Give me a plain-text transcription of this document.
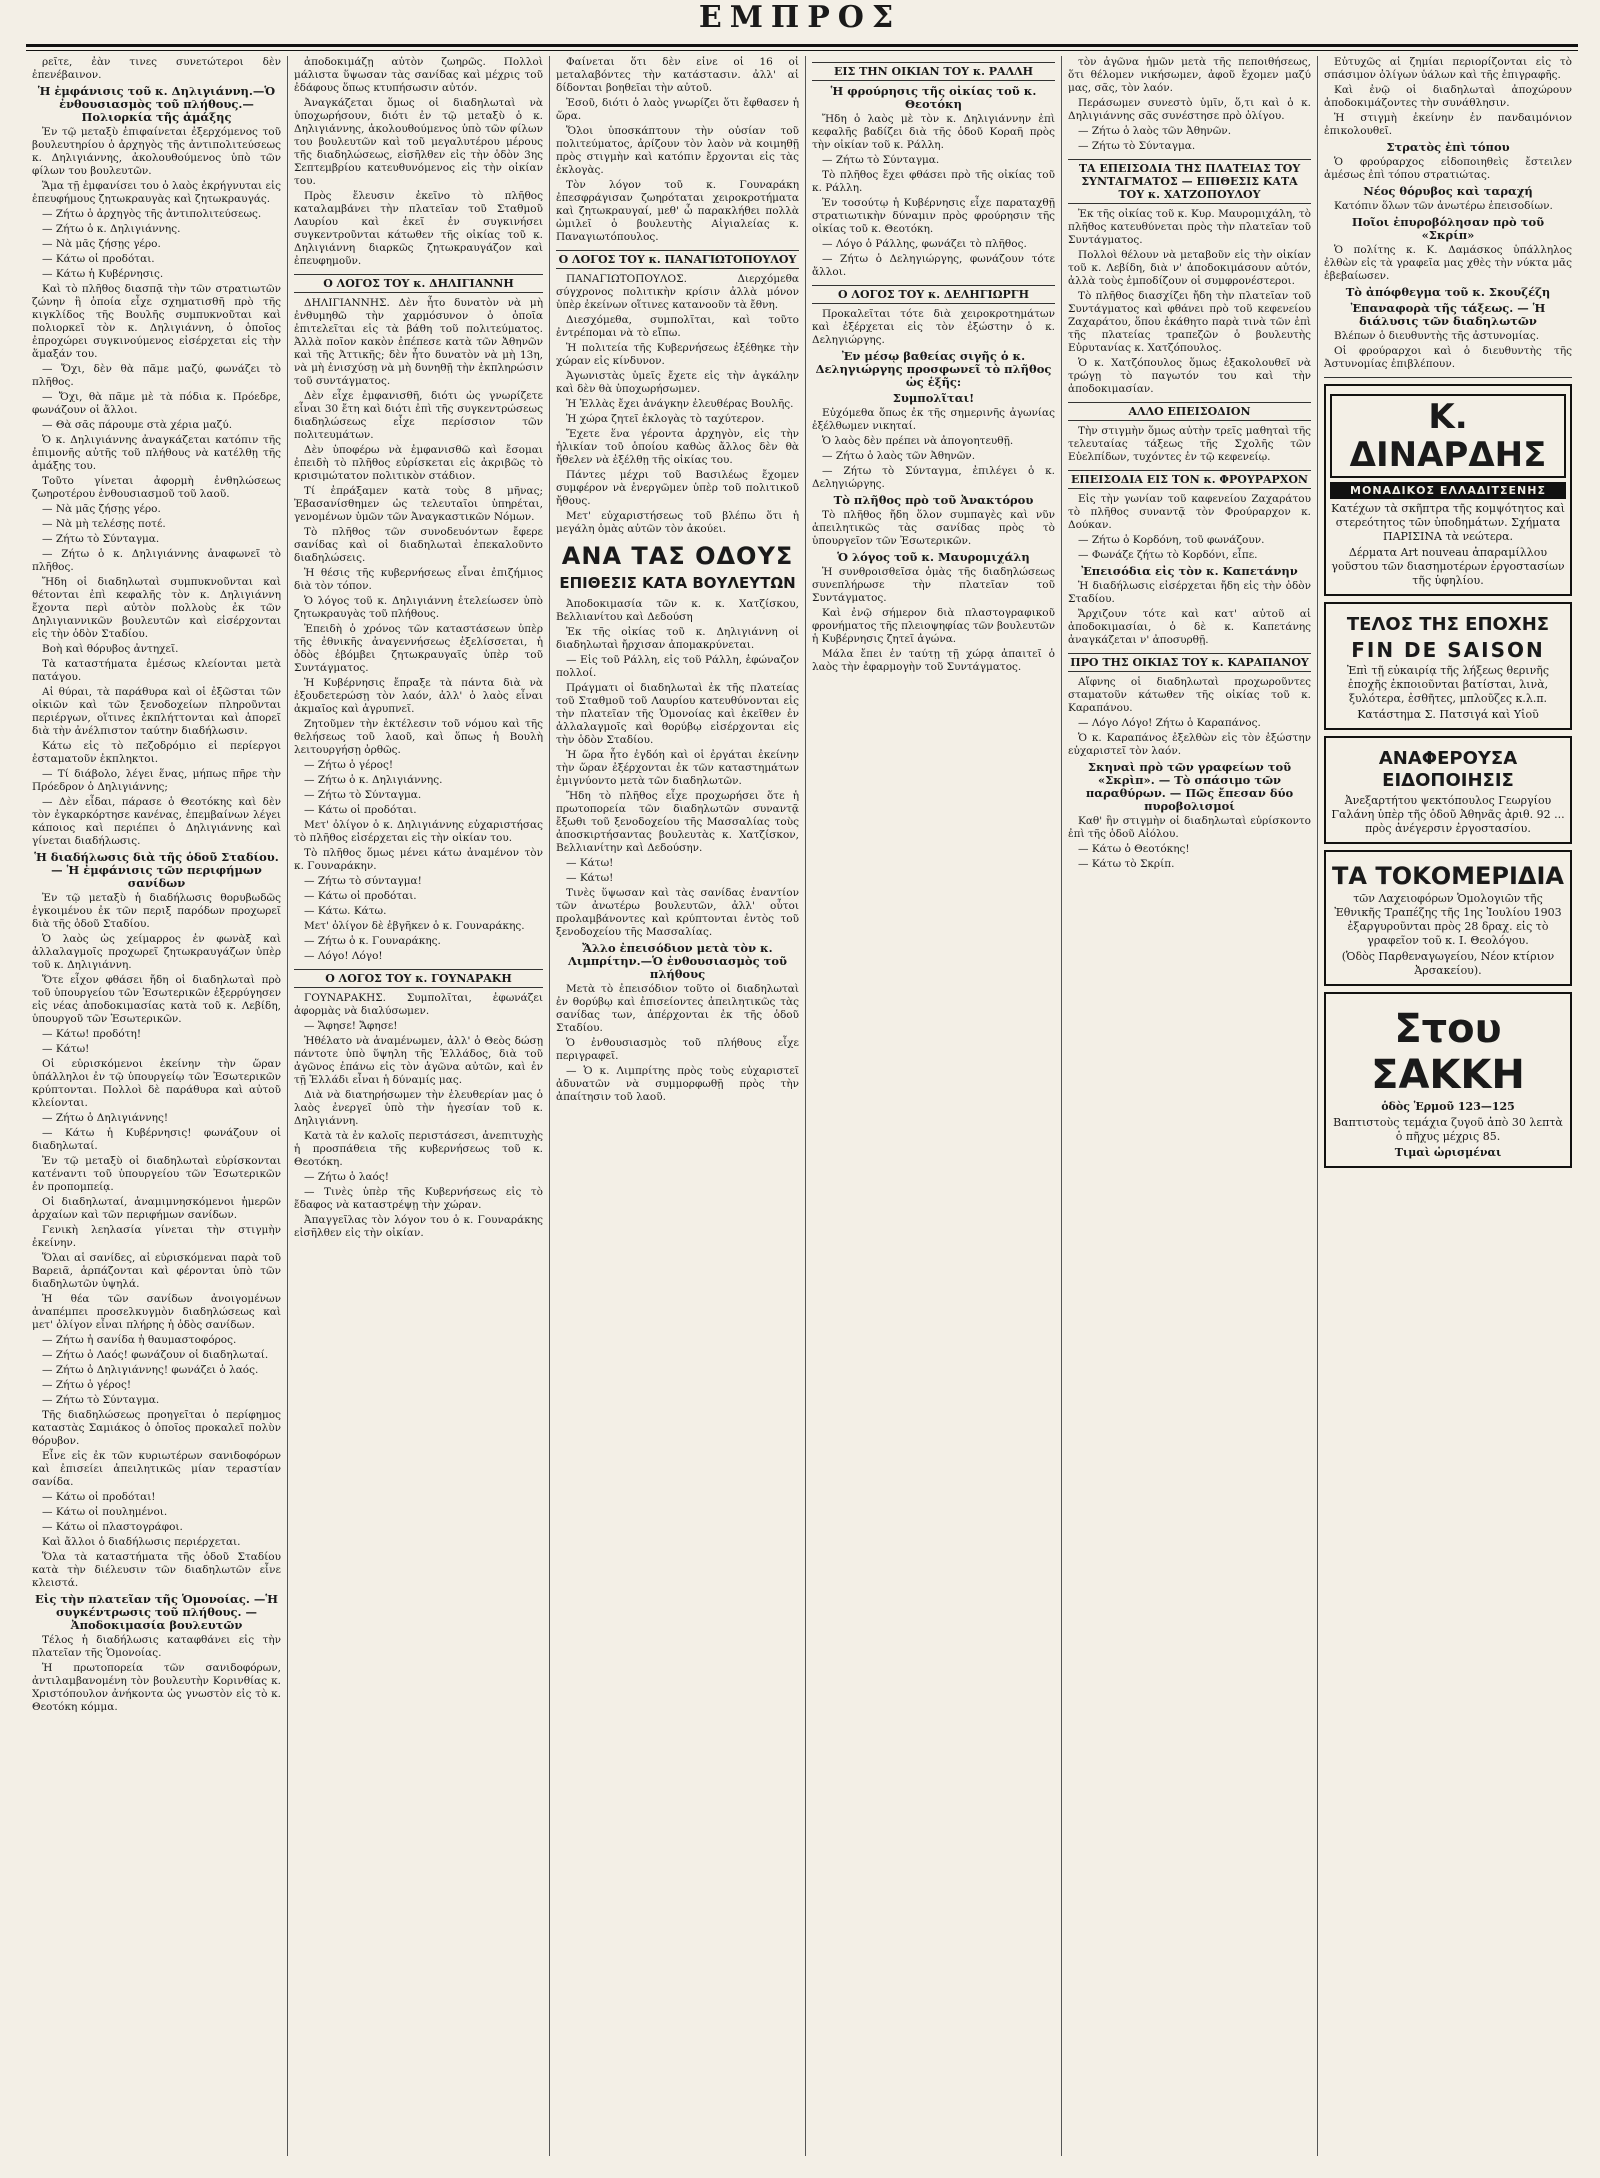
ΕΜΠΡΟΣ

ρεῖτε, ἐὰν τινες συνετώτεροι δὲν ἐπενέβαινον.

Ἡ ἐμφάνισις τοῦ κ. Δηλιγιάννη.—Ὁ ἐνθουσιασμὸς τοῦ πλήθους.—Πολιορκία τῆς ἁμάξης

Ἐν τῷ μεταξὺ ἐπιφαίνεται ἐξερχόμενος τοῦ βουλευτηρίου ὁ ἀρχηγὸς τῆς ἀντιπολιτεύσεως κ. Δηλιγιάννης, ἀκολουθούμενος ὑπὸ τῶν φίλων του βουλευτῶν.

Ἅμα τῇ ἐμφανίσει του ὁ λαὸς ἐκρήγνυται εἰς ἐπευφήμους ζητωκραυγὰς καὶ ζητωκραυγάς.

— Ζήτω ὁ ἀρχηγὸς τῆς ἀντιπολιτεύσεως.

— Ζήτω ὁ κ. Δηλιγιάννης.

— Νὰ μᾶς ζήσῃς γέρο.

— Κάτω οἱ προδόται.

— Κάτω ἡ Κυβέρνησις.

Καὶ τὸ πλῆθος διασπᾷ τὴν τῶν στρατιωτῶν ζώνην ἣ ὁποία εἶχε σχηματισθῆ πρὸ τῆς κιγκλίδος τῆς Βουλῆς συμπυκνοῦται καὶ πολιορκεῖ τὸν κ. Δηλιγιάννη, ὁ ὁποῖος ἐπροχώρει συγκινούμενος εἰσέρχεται εἰς τὴν ἅμαξάν του.

— Ὄχι, δὲν θὰ πᾶμε μαζύ, φωνάζει τὸ πλῆθος.

— Ὄχι, θὰ πᾶμε μὲ τὰ πόδια κ. Πρόεδρε, φωνάζουν οἱ ἄλλοι.

— Θὰ σᾶς πάρουμε στὰ χέρια μαζύ.

Ὁ κ. Δηλιγιάννης ἀναγκάζεται κατόπιν τῆς ἐπιμονῆς αὐτῆς τοῦ πλήθους νὰ κατέλθῃ τῆς ἁμάξης του.

Τοῦτο γίνεται ἀφορμὴ ἐνθηλώσεως ζωηροτέρου ἐνθουσιασμοῦ τοῦ λαοῦ.

— Νὰ μᾶς ζήσῃς γέρο.

— Νὰ μὴ τελέσῃς ποτέ.

— Ζήτω τὸ Σύνταγμα.

— Ζήτω ὁ κ. Δηλιγιάννης ἀναφωνεῖ τὸ πλῆθος.

Ἤδη οἱ διαδηλωταὶ συμπυκνοῦνται καὶ θέτονται ἐπὶ κεφαλῆς τὸν κ. Δηλιγιάννη ἔχοντα περὶ αὐτὸν πολλοὺς ἐκ τῶν Δηλιγιαννικῶν βουλευτῶν καὶ εἰσέρχονται εἰς τὴν ὁδὸν Σταδίου.

Βοὴ καὶ θόρυβος ἀντηχεῖ.

Τὰ καταστήματα ἐμέσως κλείονται μετὰ πατάγου.

Αἱ θύραι, τὰ παράθυρα καὶ οἱ ἐξῶσται τῶν οἰκιῶν καὶ τῶν ξενοδοχείων πληροῦνται περιέργων, οἵτινες ἐκπλήττονται καὶ ἀπορεῖ διὰ τὴν ἀνέλπιστον ταύτην διαδήλωσιν.

Κάτω εἰς τὸ πεζοδρόμιο εἰ περίεργοι ἐσταματοῦν ἐκπληκτοι.

— Τί διάβολο, λέγει ἕνας, μήπως πῆρε τὴν Πρόεδρον ὁ Δηλιγιάννης;

— Δὲν εἶδαι, πάρασε ὁ Θεοτόκης καὶ δὲν τὸν ἐγκαρκόρτησε κανένας, ἐπεμβαίνων λέγει κάποιος καὶ περιέπει ὁ Δηλιγιάννης καὶ γίνεται διαδήλωσις.

Ἡ διαδήλωσις διὰ τῆς ὁδοῦ Σταδίου. — Ἡ ἐμφάνισις τῶν περιφήμων σανίδων

Ἐν τῷ μεταξὺ ἡ διαδήλωσις θορυβωδῶς ἐγκοιμένου ἐκ τῶν περιξ παρόδων προχωρεῖ διὰ τῆς ὁδοῦ Σταδίου.

Ὁ λαὸς ὡς χείμαρρος ἐν φωνὰξ καὶ ἀλλαλαγμοῖς προχωρεῖ ζητωκραυγάζων ὑπὲρ τοῦ κ. Δηλιγιάννη.

Ὅτε εἶχον φθάσει ἤδη οἱ διαδηλωταὶ πρὸ τοῦ ὑπουργείου τῶν Ἐσωτερικῶν ἐξερρύγησεν εἰς νέας ἀποδοκιμασίας κατὰ τοῦ κ. Λεβίδη, ὑπουργοῦ τῶν Ἐσωτερικῶν.

— Κάτω! προδότη!

— Κάτω!

Οἱ εὑρισκόμενοι ἐκείνην τὴν ὥραν ὑπάλληλοι ἐν τῷ ὑπουργείῳ τῶν Ἐσωτερικῶν κρύπτονται. Πολλοὶ δὲ παράθυρα καὶ αὐτοῦ κλείονται.

— Ζήτω ὁ Δηλιγιάννης!

— Κάτω ἡ Κυβέρνησις! φωνάζουν οἱ διαδηλωταί.

Ἐν τῷ μεταξὺ οἱ διαδηλωταὶ εὑρίσκονται κατέναντι τοῦ ὑπουργείου τῶν Ἐσωτερικῶν ἐν προπομπείᾳ.

Οἱ διαδηλωταί, ἀναμιμνησκόμενοι ἡμερῶν ἀρχαίων καὶ τῶν περιφήμων σανίδων.

Γενικὴ λεηλασία γίνεται τὴν στιγμὴν ἐκείνην.

Ὅλαι αἱ σανίδες, αἱ εὑρισκόμεναι παρὰ τοῦ Βαρειᾶ, ἁρπάζονται καὶ φέρονται ὑπὸ τῶν διαδηλωτῶν ὑψηλά.

Ἡ θέα τῶν σανίδων ἀνοιγομένων ἀναπέμπει προσελκυγμὸν διαδηλώσεως καὶ μετ' ὀλίγον εἶναι πλήρης ἡ ὁδὸς σανίδων.

— Ζήτω ἡ σανίδα ἡ θαυμαστοφόρος.

— Ζήτω ὁ Λαός! φωνάζουν οἱ διαδηλωταί.

— Ζήτω ὁ Δηλιγιάννης! φωνάζει ὁ λαός.

— Ζήτω ὁ γέρος!

— Ζήτω τὸ Σύνταγμα.

Τῆς διαδηλώσεως προηγεῖται ὁ περίφημος καταστὰς Σαμιάκος ὁ ὁποῖος προκαλεῖ πολὺν θόρυβον.

Εἶνε εἰς ἐκ τῶν κυριωτέρων σανιδοφόρων καὶ ἐπισείει ἀπειλητικῶς μίαν τεραστίαν σανίδα.

— Κάτω οἱ προδόται!

— Κάτω οἱ πουλημένοι.

— Κάτω οἱ πλαστογράφοι.

Καὶ ἄλλοι ὁ διαδήλωσις περιέρχεται.

Ὅλα τὰ καταστήματα τῆς ὁδοῦ Σταδίου κατὰ τὴν διέλευσιν τῶν διαδηλωτῶν εἶνε κλειστά.

Εἰς τὴν πλατεῖαν τῆς Ὁμονοίας. —Ἡ συγκέντρωσις τοῦ πλήθους. — Ἀποδοκιμασία βουλευτῶν

Τέλος ἡ διαδήλωσις καταφθάνει εἰς τὴν πλατεῖαν τῆς Ὁμονοίας.

Ἡ πρωτοπορεία τῶν σανιδοφόρων, ἀντιλαμβανομένη τὸν βουλευτὴν Κορινθίας κ. Χριστόπουλον ἀνήκοντα ὡς γνωστὸν εἰς τὸ κ. Θεοτόκη κόμμα.

ἀποδοκιμάζῃ αὐτὸν ζωηρῶς. Πολλοὶ μάλιστα ὕψωσαν τὰς σανίδας καὶ μέχρις τοῦ ἐδάφους ὅπως κτυπήσωσιν αὐτόν.

Ἀναγκάζεται ὅμως οἱ διαδηλωταὶ νὰ ὑποχωρήσουν, διότι ἐν τῷ μεταξὺ ὁ κ. Δηλιγιάννης, ἀκολουθούμενος ὑπὸ τῶν φίλων του βουλευτῶν καὶ τοῦ μεγαλυτέρου μέρους τῆς διαδηλώσεως, εἰσῆλθεν εἰς τὴν ὁδὸν 3ης Σεπτεμβρίου κατευθυνόμενος εἰς τὴν οἰκίαν του.

Πρὸς ἔλευσιν ἐκεῖνο τὸ πλῆθος καταλαμβάνει τὴν πλατεῖαν τοῦ Σταθμοῦ Λαυρίου καὶ ἐκεῖ ἐν συγκινήσει συγκεντροῦνται κάτωθεν τῆς οἰκίας τοῦ κ. Δηλιγιάννη διαρκῶς ζητωκραυγάζον καὶ ἐπευφημοῦν.

Ο ΛΟΓΟΣ ΤΟΥ κ. ΔΗΛΙΓΙΑΝΝΗ

ΔΗΛΙΓΙΑΝΝΗΣ. Δὲν ἦτο δυνατὸν νὰ μὴ ἐνθυμηθῶ τὴν χαρμόσυνον ὁ ὁποῖα ἐπιτελεῖται εἰς τὰ βάθη τοῦ πολιτεύματος. Ἀλλὰ ποῖον κακὸν ἐπέπεσε κατὰ τῶν Ἀθηνῶν καὶ τῆς Ἀττικῆς; δὲν ἦτο δυνατὸν νὰ μὴ 13η, νὰ μὴ ἐνισχύσῃ νὰ μὴ δυνηθῇ τὴν ἐκπληρώσιν τοῦ συντάγματος.

Δὲν εἶχε ἐμφανισθῆ, διότι ὡς γνωρίζετε εἶναι 30 ἔτη καὶ διότι ἐπὶ τῆς συγκεντρώσεως διαδηλώσεως εἶχε περίσσιον τῶν πολιτευμάτων.

Δὲν ὑποφέρω νὰ ἐμφανισθῶ καὶ ἔσομαι ἐπειδὴ τὸ πλῆθος εὑρίσκεται εἰς ἀκριβῶς τὸ κρισιμώτατον πολιτικὸν στάδιον.

Τί ἐπράξαμεν κατὰ τοὺς 8 μῆνας; Ἐβασανίσθημεν ὡς τελευταῖοι ὑπηρέται, γενομένων ὑμῶν τῶν Ἀναγκαστικῶν Νόμων.

Τὸ πλῆθος τῶν συνοδευόντων ἔφερε σανίδας καὶ οἱ διαδηλωταὶ ἐπεκαλοῦντο διαδηλώσεις.

Ἡ θέσις τῆς κυβερνήσεως εἶναι ἐπιζήμιος διὰ τὸν τόπον.

Ὁ λόγος τοῦ κ. Δηλιγιάννη ἐτελείωσεν ὑπὸ ζητωκραυγὰς τοῦ πλήθους.

Ἐπειδὴ ὁ χρόνος τῶν καταστάσεων ὑπὲρ τῆς ἐθνικῆς ἀναγεννήσεως ἐξελίσσεται, ἡ ὁδὸς ἐβόμβει ζητωκραυγαῖς ὑπὲρ τοῦ Συντάγματος.

Ἡ Κυβέρνησις ἔπραξε τὰ πάντα διὰ νὰ ἐξουδετερώσῃ τὸν λαόν, ἀλλ' ὁ λαὸς εἶναι ἀκμαῖος καὶ ἀγρυπνεῖ.

Ζητοῦμεν τὴν ἐκτέλεσιν τοῦ νόμου καὶ τῆς θελήσεως τοῦ λαοῦ, καὶ ὅπως ἡ Βουλὴ λειτουργήσῃ ὀρθῶς.

— Ζήτω ὁ γέρος!

— Ζήτω ὁ κ. Δηλιγιάννης.

— Ζήτω τὸ Σύνταγμα.

— Κάτω οἱ προδόται.

Μετ' ὀλίγον ὁ κ. Δηλιγιάννης εὐχαριστήσας τὸ πλῆθος εἰσέρχεται εἰς τὴν οἰκίαν του.

Τὸ πλῆθος ὅμως μένει κάτω ἀναμένον τὸν κ. Γουναράκην.

— Ζήτω τὸ σύνταγμα!

— Κάτω οἱ προδόται.

— Κάτω. Κάτω.

Μετ' ὀλίγον δὲ ἐβγῆκεν ὁ κ. Γουναράκης.

— Ζήτω ὁ κ. Γουναράκης.

— Λόγο! Λόγο!

Ο ΛΟΓΟΣ ΤΟΥ κ. ΓΟΥΝΑΡΑΚΗ

ΓΟΥΝΑΡΑΚΗΣ. Συμπολῖται, ἐφωνάζει ἀφορμὰς νὰ διαλύσωμεν.

— Ἄφησε! Ἄφησε!

Ἠθέλατο νὰ ἀναμένωμεν, ἀλλ' ὁ Θεὸς δώσῃ πάντοτε ὑπὸ ὕψηλη τῆς Ἑλλάδος, διὰ τοῦ ἀγῶνος ἐπάνω εἰς τὸν ἀγῶνα αὐτῶν, καὶ ἐν τῇ Ἑλλάδι εἶναι ἡ δύναμίς μας.

Διὰ νὰ διατηρήσωμεν τὴν ἐλευθερίαν μας ὁ λαὸς ἐνεργεῖ ὑπὸ τὴν ἡγεσίαν τοῦ κ. Δηλιγιάννη.

Κατὰ τὰ ἐν καλοῖς περιστάσεσι, ἀνεπιτυχὴς ἡ προσπάθεια τῆς κυβερνήσεως τοῦ κ. Θεοτόκη.

— Ζήτω ὁ λαός!

— Τινὲς ὑπὲρ τῆς Κυβερνήσεως εἰς τὸ ἔδαφος νὰ καταστρέψῃ τὴν χώραν.

Ἀπαγγεῖλας τὸν λόγον του ὁ κ. Γουναράκης εἰσῆλθεν εἰς τὴν οἰκίαν.

Φαίνεται ὅτι δὲν εἶνε οἱ 16 οἱ μεταλαβόντες τὴν κατάστασιν. ἀλλ' αἱ δίδονται βοηθεῖαι τὴν αὐτοῦ.

Ἐσοῦ, διότι ὁ λαὸς γνωρίζει ὅτι ἔφθασεν ἡ ὥρα.

Ὅλοι ὑποσκάπτουν τὴν οὐσίαν τοῦ πολιτεύματος, ἀρίζουν τὸν λαὸν νὰ κοιμηθῇ πρὸς στιγμὴν καὶ κατόπιν ἔρχονται εἰς τὰς ἐκλογὰς.

Τὸν λόγον τοῦ κ. Γουναράκη ἐπεσφράγισαν ζωηρόταται χειροκροτήματα καὶ ζητωκραυγαί, μεθ' ὧ παρακλήθει πολλὰ ὡμιλεῖ ὁ βουλευτὴς Αἰγιαλείας κ. Παναγιωτόπουλος.

Ο ΛΟΓΟΣ ΤΟΥ κ. ΠΑΝΑΓΙΩΤΟΠΟΥΛΟΥ

ΠΑΝΑΓΙΩΤΟΠΟΥΛΟΣ. Διερχόμεθα σύγχρονος πολιτικὴν κρίσιν ἀλλὰ μόνον ὑπὲρ ἐκείνων οἵτινες κατανοοῦν τὰ ἔθνη.

Διεσχόμεθα, συμπολῖται, καὶ τοῦτο ἐντρέπομαι νὰ τὸ εἴπω.

Ἡ πολιτεία τῆς Κυβερνήσεως ἐξέθηκε τὴν χώραν εἰς κίνδυνον.

Ἀγωνιστὰς ὑμεῖς ἔχετε εἰς τὴν ἀγκάλην καὶ δὲν θὰ ὑποχωρήσωμεν.

Ἡ Ἑλλὰς ἔχει ἀνάγκην ἐλευθέρας Βουλῆς.

Ἡ χώρα ζητεῖ ἐκλογὰς τὸ ταχύτερον.

Ἔχετε ἕνα γέροντα ἀρχηγὸν, εἰς τὴν ἡλικίαν τοῦ ὁποίου καθὼς ἄλλος δὲν θὰ ἤθελεν νὰ ἐξέλθῃ τῆς οἰκίας του.

Πάντες μέχρι τοῦ Βασιλέως ἔχομεν συμφέρον νὰ ἐνεργῶμεν ὑπὲρ τοῦ πολιτικοῦ ἤθους.

Μετ' εὐχαριστήσεως τοῦ βλέπω ὅτι ἡ μεγάλη ὁμὰς αὐτῶν τὸν ἀκούει.

ΑΝΑ ΤΑΣ ΟΔΟΥΣ
ΕΠΙΘΕΣΙΣ ΚΑΤΑ ΒΟΥΛΕΥΤΩΝ

Ἀποδοκιμασία τῶν κ. κ. Χατζίσκου, Βελλιανίτου καὶ Δεδούση

Ἐκ τῆς οἰκίας τοῦ κ. Δηλιγιάννη οἱ διαδηλωταὶ ἤρχισαν ἀπομακρύνεται.

— Εἰς τοῦ Ράλλη, εἰς τοῦ Ράλλη, ἐφώναζον πολλοί.

Πράγματι οἱ διαδηλωταὶ ἐκ τῆς πλατείας τοῦ Σταθμοῦ τοῦ Λαυρίου κατευθύνονται εἰς τὴν πλατεῖαν τῆς Ὁμονοίας καὶ ἐκεῖθεν ἐν ἀλλαλαγμοῖς καὶ θορύβῳ εἰσέρχονται εἰς τὴν ὁδὸν Σταδίου.

Ἡ ὥρα ἦτο ἐγδόη καὶ οἱ ἐργάται ἐκείνην τὴν ὥραν ἐξέρχονται ἐκ τῶν καταστημάτων ἐμιγνύοντο μετὰ τῶν διαδηλωτῶν.

Ἤδη τὸ πλῆθος εἶχε προχωρήσει ὅτε ἡ πρωτοπορεία τῶν διαδηλωτῶν συναντᾷ ἔξωθι τοῦ ξενοδοχείου τῆς Μασσαλίας τοὺς ἀποσκιρτήσαντας βουλευτὰς κ. Χατζίσκον, Βελλιανίτην καὶ Δεδούσην.

— Κάτω!

— Κάτω!

Τινὲς ὕψωσαν καὶ τὰς σανίδας ἐναντίον τῶν ἀνωτέρω βουλευτῶν, ἀλλ' οὗτοι προλαμβάνοντες καὶ κρύπτονται ἐντὸς τοῦ ξενοδοχείου τῆς Μασσαλίας.

Ἄλλο ἐπεισόδιον μετὰ τὸν κ. Λιμπρίτην.—Ὁ ἐνθουσιασμὸς τοῦ πλήθους

Μετὰ τὸ ἐπεισόδιον τοῦτο οἱ διαδηλωταὶ ἐν θορύβῳ καὶ ἐπισείοντες ἀπειλητικῶς τὰς σανίδας των, ἀπέρχονται ἐκ τῆς ὁδοῦ Σταδίου.

Ὁ ἐνθουσιασμὸς τοῦ πλήθους εἶχε περιγραφεῖ.

— Ὁ κ. Λιμπρίτης πρὸς τοὺς εὐχαριστεῖ ἀδυνατῶν νὰ συμμορφωθῇ πρὸς τὴν ἀπαίτησιν τοῦ λαοῦ.

ΕΙΣ ΤΗΝ ΟΙΚΙΑΝ ΤΟΥ κ. ΡΑΛΛΗ
Ἡ φρούρησις τῆς οἰκίας τοῦ κ. Θεοτόκη

Ἤδη ὁ λαὸς μὲ τὸν κ. Δηλιγιάννην ἐπὶ κεφαλῆς βαδίζει διὰ τῆς ὁδοῦ Κοραῆ πρὸς τὴν οἰκίαν τοῦ κ. Ράλλη.

— Ζήτω τὸ Σύνταγμα.

Τὸ πλῆθος ἔχει φθάσει πρὸ τῆς οἰκίας τοῦ κ. Ράλλη.

Ἐν τοσούτῳ ἡ Κυβέρνησις εἶχε παραταχθῇ στρατιωτικὴν δύναμιν πρὸς φρούρησιν τῆς οἰκίας τοῦ κ. Θεοτόκη.

— Λόγο ὁ Ράλλης, φωνάζει τὸ πλῆθος.

— Ζήτω ὁ Δεληγιώργης, φωνάζουν τότε ἄλλοι.

Ο ΛΟΓΟΣ ΤΟΥ κ. ΔΕΛΗΓΙΩΡΓΗ

Προκαλεῖται τότε διὰ χειροκροτημάτων καὶ ἐξέρχεται εἰς τὸν ἐξώστην ὁ κ. Δεληγιώργης.

Ἐν μέσῳ βαθείας σιγῆς ὁ κ. Δεληγιώργης προσφωνεῖ τὸ πλῆθος ὡς ἑξῆς:
Συμπολῖται!

Εὐχόμεθα ὅπως ἐκ τῆς σημερινῆς ἀγωνίας ἐξέλθωμεν νικηταί.

Ὁ λαὸς δὲν πρέπει νὰ ἀπογοητευθῇ.

— Ζήτω ὁ λαὸς τῶν Ἀθηνῶν.

— Ζήτω τὸ Σύνταγμα, ἐπιλέγει ὁ κ. Δεληγιώργης.

Τὸ πλῆθος πρὸ τοῦ Ἀνακτόρου

Τὸ πλῆθος ἤδη ὅλον συμπαγὲς καὶ νῦν ἀπειλητικῶς τὰς σανίδας πρὸς τὸ ὑπουργεῖον τῶν Ἐσωτερικῶν.

Ὁ λόγος τοῦ κ. Μαυρομιχάλη

Ἡ συνθροισθεῖσα ὁμὰς τῆς διαδηλώσεως συνεπλήρωσε τὴν πλατεῖαν τοῦ Συντάγματος.

Καὶ ἐνῷ σήμερον διὰ πλαστογραφικοῦ φρονήματος τῆς πλειοψηφίας τῶν βουλευτῶν ἡ Κυβέρνησις ζητεῖ ἀγώνα.

Μάλα ἔπει ἐν ταύτῃ τῇ χώρᾳ ἀπαιτεῖ ὁ λαὸς τὴν ἐφαρμογὴν τοῦ Συντάγματος.

τὸν ἀγῶνα ἡμῶν μετὰ τῆς πεποιθήσεως, ὅτι θέλομεν νικήσωμεν, ἀφοῦ ἔχομεν μαζύ μας, σᾶς, τὸν λαόν.

Περάσωμεν συνεστὸ ὑμῖν, ὅ,τι καὶ ὁ κ. Δηλιγιάννης σᾶς συνέστησε πρὸ ὀλίγου.

— Ζήτω ὁ λαὸς τῶν Ἀθηνῶν.

— Ζήτω τὸ Σύνταγμα.

ΤΑ ΕΠΕΙΣΟΔΙΑ ΤΗΣ ΠΛΑΤΕΙΑΣ ΤΟΥ ΣΥΝΤΑΓΜΑΤΟΣ — ΕΠΙΘΕΣΙΣ ΚΑΤΑ ΤΟΥ κ. ΧΑΤΖΟΠΟΥΛΟΥ

Ἐκ τῆς οἰκίας τοῦ κ. Κυρ. Μαυρομιχάλη, τὸ πλῆθος κατευθύνεται πρὸς τὴν πλατεῖαν τοῦ Συντάγματος.

Πολλοὶ θέλουν νὰ μεταβοῦν εἰς τὴν οἰκίαν τοῦ κ. Λεβίδη, διὰ ν' ἀποδοκιμάσουν αὐτόν, ἀλλὰ τοὺς ἐμποδίζουν οἱ συμφρονέστεροι.

Τὸ πλῆθος διασχίζει ἤδη τὴν πλατεῖαν τοῦ Συντάγματος καὶ φθάνει πρὸ τοῦ κεφενείου Ζαχαράτου, ὅπου ἐκάθητο παρὰ τινὰ τῶν ἐπὶ τῆς πλατείας τραπεζῶν ὁ βουλευτὴς Εὐρυτανίας κ. Χατζόπουλος.

Ὁ κ. Χατζόπουλος ὅμως ἐξακολουθεῖ νὰ τρώγῃ τὸ παγωτόν του καὶ τὴν ἀποδοκιμασίαν.

ΑΛΛΟ ΕΠΕΙΣΟΔΙΟΝ

Τὴν στιγμὴν ὅμως αὐτὴν τρεῖς μαθηταὶ τῆς τελευταίας τάξεως τῆς Σχολῆς τῶν Εὐελπίδων, τυχόντες ἐν τῷ κεφενείῳ.

ΕΠΕΙΣΟΔΙΑ ΕΙΣ ΤΟΝ κ. ΦΡΟΥΡΑΡΧΟΝ

Εἰς τὴν γωνίαν τοῦ καφενείου Ζαχαράτου τὸ πλῆθος συναντᾷ τὸν Φρούραρχον κ. Δούκαν.

— Ζήτω ὁ Κορδόνη, τοῦ φωνάζουν.

— Φωνάζε ζήτω τὸ Κορδόνι, εἶπε.

Ἐπεισόδια εἰς τὸν κ. Καπετάνην

Ἡ διαδήλωσις εἰσέρχεται ἤδη εἰς τὴν ὁδὸν Σταδίου.

Ἄρχιζουν τότε καὶ κατ' αὐτοῦ αἱ ἀποδοκιμασίαι, ὁ δὲ κ. Καπετάνης ἀναγκάζεται ν' ἀποσυρθῇ.

ΠΡΟ ΤΗΣ ΟΙΚΙΑΣ ΤΟΥ κ. ΚΑΡΑΠΑΝΟΥ

Αἴφνης οἱ διαδηλωταὶ προχωροῦντες σταματοῦν κάτωθεν τῆς οἰκίας τοῦ κ. Καραπάνου.

— Λόγο Λόγο! Ζήτω ὁ Καραπάνος.

Ὁ κ. Καραπάνος ἐξελθὼν εἰς τὸν ἐξώστην εὐχαριστεῖ τὸν λαόν.

Σκηναὶ πρὸ τῶν γραφείων τοῦ «Σκρὶπ». — Τὸ σπάσιμο τῶν παραθύρων. — Πῶς ἔπεσαν δύο πυροβολισμοί

Καθ' ἣν στιγμὴν οἱ διαδηλωταὶ εὑρίσκοντο ἐπὶ τῆς ὁδοῦ Αἰόλου.

— Κάτω ὁ Θεοτόκης!

— Κάτω τὸ Σκρίπ.

Εὐτυχῶς αἱ ζημίαι περιορίζονται εἰς τὸ σπάσιμον ὀλίγων ὑάλων καὶ τῆς ἐπιγραφῆς.

Καὶ ἐνῷ οἱ διαδηλωταὶ ἀποχώρουν ἀποδοκιμάζοντες τὴν συνάθλησιν.

Ἡ στιγμὴ ἐκείνην ἐν πανδαιμόνιον ἐπικολουθεῖ.

Στρατὸς ἐπὶ τόπου

Ὁ φρούραρχος εἰδοποιηθεὶς ἔστειλεν ἀμέσως ἐπὶ τόπου στρατιώτας.

Νέος θόρυβος καὶ ταραχή

Κατόπιν ὅλων τῶν ἀνωτέρω ἐπεισοδίων.

Ποῖοι ἐπυροβόλησαν πρὸ τοῦ «Σκρίπ»

Ὁ πολίτης κ. Κ. Δαμάσκος ὑπάλληλος ἐλθὼν εἰς τὰ γραφεῖα μας χθὲς τὴν νύκτα μᾶς ἐβεβαίωσεν.

Τὸ ἀπόφθεγμα τοῦ κ. Σκουζέζη
Ἐπαναφορὰ τῆς τάξεως. — Ἡ διάλυσις τῶν διαδηλωτῶν

Βλέπων ὁ διευθυντὴς τῆς ἀστυνομίας.

Οἱ φρούραρχοι καὶ ὁ διευθυντὴς τῆς Ἀστυνομίας ἐπιβλέπουν.

Κ. ΔΙΝΑΡΔΗΣ
ΜΟΝΑΔΙΚΟΣ ΕΛΛΑΔΙΤΣΕΝΗΣ
Κατέχων τὰ σκῆπτρα τῆς κομψότητος καὶ στερεότητος τῶν ὑποδημάτων. Σχήματα ΠΑΡΙΣΙΝΑ τὰ νεώτερα.
Δέρματα Art nouveau ἀπαραμίλλου γοῦστου τῶν διασημοτέρων ἐργοστασίων τῆς ὑφηλίου.
ΤΕΛΟΣ ΤΗΣ ΕΠΟΧΗΣ
FIN DE SAISON
Ἐπὶ τῇ εὐκαιρίᾳ τῆς λήξεως θερινῆς ἐποχῆς ἐκποιοῦνται βατίσται, λινὰ, ξυλότερα, ἐσθῆτες, μπλοῦζες κ.λ.π.
Κατάστημα Σ. Πατσιγά καὶ Υἱοῦ
ΑΝΑΦΕΡΟΥΣΑ ΕΙΔΟΠΟΙΗΣΙΣ
Ἀνεξαρτήτου ψεκτόπουλος Γεωργίου Γαλάνη ὑπὲρ τῆς ὁδοῦ Ἀθηνᾶς ἀριθ. 92 ... πρὸς ἀνέγερσιν ἐργοστασίου.
ΤΑ ΤΟΚΟΜΕΡΙΔΙΑ
τῶν Λαχειοφόρων Ὁμολογιῶν τῆς Ἐθνικῆς Τραπέζης τῆς 1ης Ἰουλίου 1903 ἐξαργυροῦνται πρὸς 28 δραχ. εἰς τὸ γραφεῖον τοῦ κ. Ι. Θεολόγου.
(Ὁδὸς Παρθεναγωγείου, Νέον κτίριον Ἀρσακείου).
Στου ΣΑΚΚΗ
ὁδὸς Ἑρμοῦ 123—125
Βαπτιστοὺς τεμάχια ζυγοῦ ἀπὸ 30 λεπτὰ ὁ πῆχυς μέχρις 85.
Τιμαὶ ὡρισμέναι
